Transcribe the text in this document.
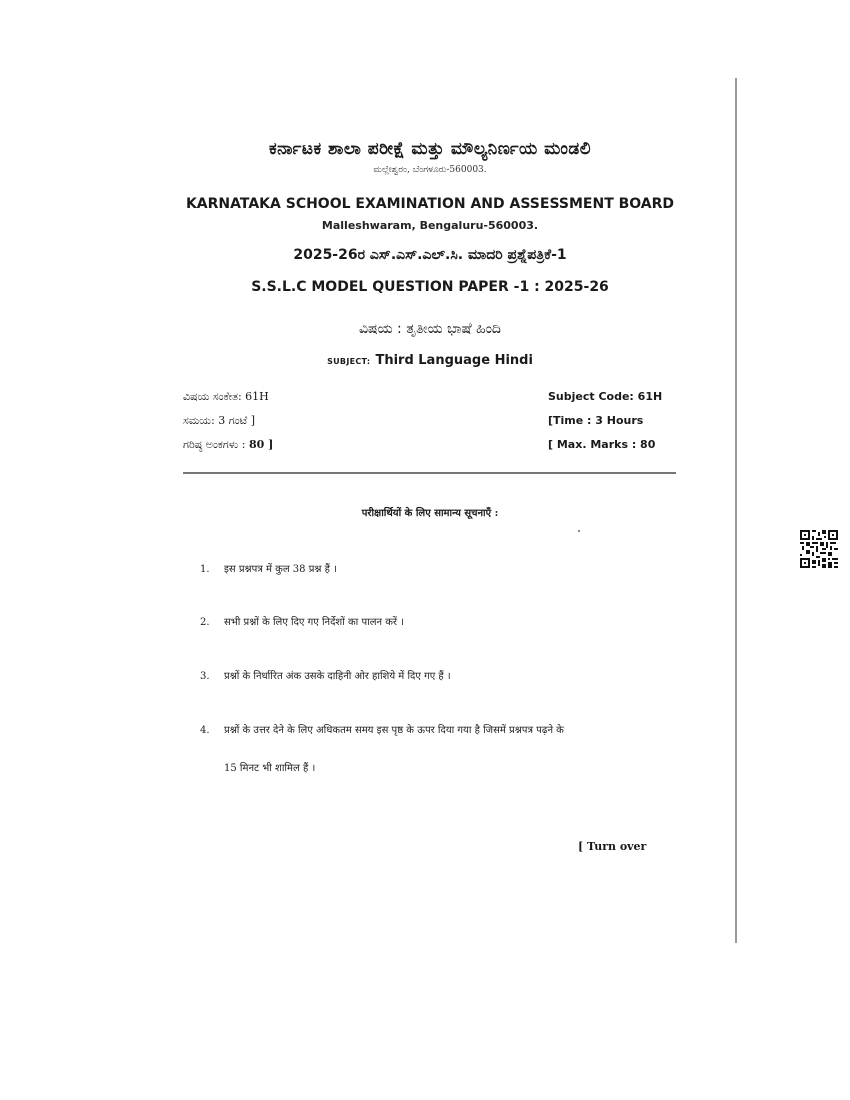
ಕರ್ನಾಟಕ ಶಾಲಾ ಪರೀಕ್ಷೆ ಮತ್ತು ಮೌಲ್ಯನಿರ್ಣಯ ಮಂಡಲಿ
ಮಲ್ಲೇಶ್ವರಂ, ಬೆಂಗಳೂರು-560003.
KARNATAKA SCHOOL EXAMINATION AND ASSESSMENT BOARD
Malleshwaram, Bengaluru-560003.
2025-26ರ ಎಸ್.ಎಸ್.ಎಲ್.ಸಿ. ಮಾದರಿ ಪ್ರಶ್ನೆಪತ್ರಿಕೆ-1
S.S.L.C MODEL QUESTION PAPER -1 : 2025-26
ವಿಷಯ : ತೃತೀಯ ಭಾಷೆ ಹಿಂದಿ
SUBJECT: Third Language Hindi
ವಿಷಯ ಸಂಕೇತ: 61H
ಸಮಯ: 3 ಗಂಟೆ ]
ಗರಿಷ್ಠ ಅಂಕಗಳು : 80 ]
Subject Code: 61H
[Time : 3 Hours
[ Max. Marks : 80
परीक्षार्थियों के लिए सामान्य सूचनाएँ :
1. इस प्रश्नपत्र में कुल 38 प्रश्न हैं ।
2. सभी प्रश्नों के लिए दिए गए निर्देशों का पालन करें ।
3. प्रश्नों के निर्धारित अंक उसके दाहिनी ओर हाशिये में दिए गए हैं ।
4. प्रश्नों के उत्तर देने के लिए अधिकतम समय इस पृष्ठ के ऊपर दिया गया है जिसमें प्रश्नपत्र पढ़ने के
15 मिनट भी शामिल हैं ।
[ Turn over
